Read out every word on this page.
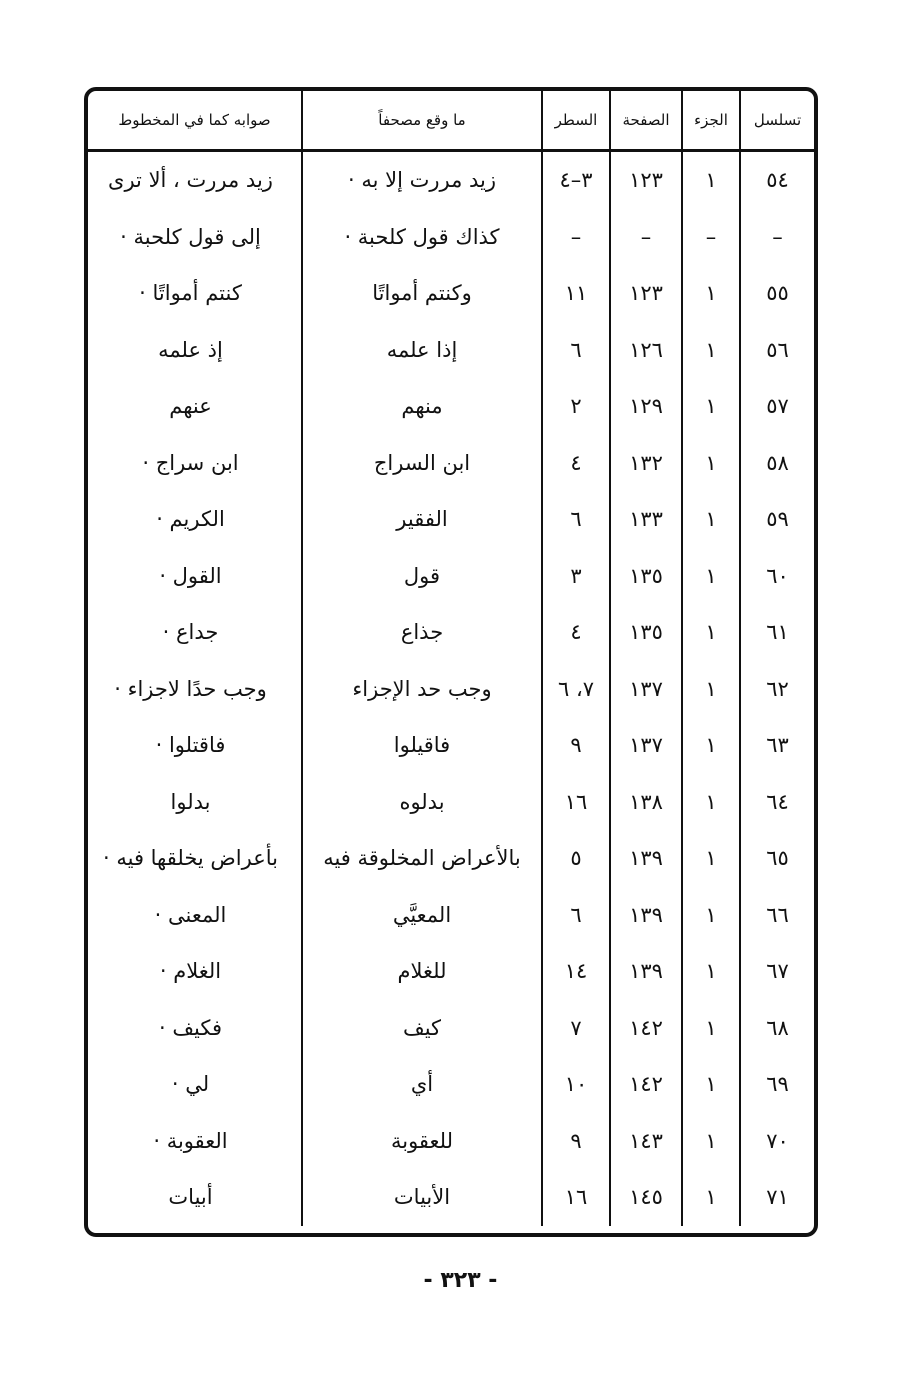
تسلسل	الجزء	الصفحة	السطر	ما وقع مصحفاً	صوابه كما في المخطوط
٥٤	١	١٢٣	٣–٤	زيد مررت إلا به ·	زيد مررت ، ألا ترى
–	–	–	–	كذاك قول كلحبة ·	إلى قول كلحبة ·
٥٥	١	١٢٣	١١	وكنتم أمواتًا	كنتم أمواتًا ·
٥٦	١	١٢٦	٦	إذا علمه	إذ علمه
٥٧	١	١٢٩	٢	منهم	عنهم
٥٨	١	١٣٢	٤	ابن السراج	ابن سراج ·
٥٩	١	١٣٣	٦	الفقير	الكريم ·
٦٠	١	١٣٥	٣	قول	القول ·
٦١	١	١٣٥	٤	جذاع	جداع ·
٦٢	١	١٣٧	٧، ٦	وجب حد الإجزاء	وجب حدًا لاجزاء ·
٦٣	١	١٣٧	٩	فاقيلوا	فاقتلوا ·
٦٤	١	١٣٨	١٦	بدلوه	بدلوا
٦٥	١	١٣٩	٥	بالأعراض المخلوقة فيه	بأعراض يخلقها فيه ·
٦٦	١	١٣٩	٦	المعيَّي	المعنى ·
٦٧	١	١٣٩	١٤	للغلام	الغلام ·
٦٨	١	١٤٢	٧	كيف	فكيف ·
٦٩	١	١٤٢	١٠	أي	لي ·
٧٠	١	١٤٣	٩	للعقوبة	العقوبة ·
٧١	١	١٤٥	١٦	الأبيات	أبيات
- ٣٢٣ -
